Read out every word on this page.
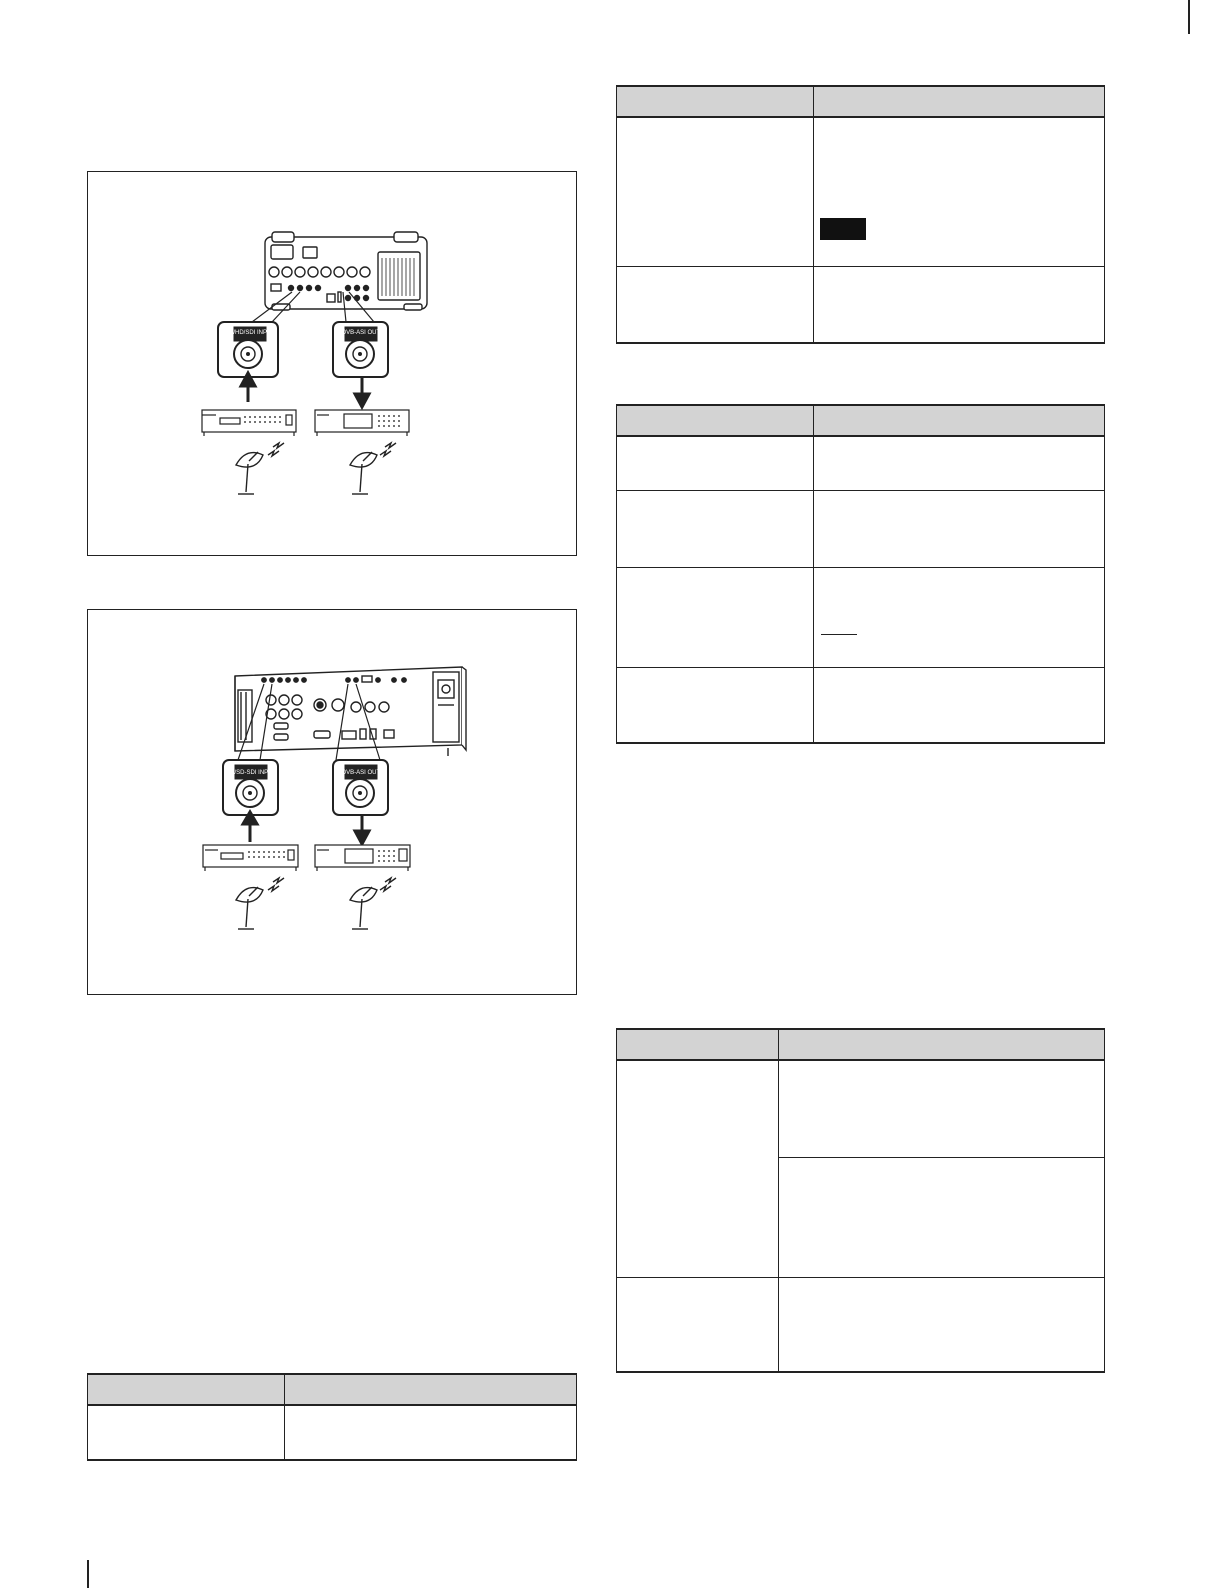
SD/HD/SDI INPUT	DVB-ASI OUT
HD/SD-SDI INPUT	DVB-ASI OUT
